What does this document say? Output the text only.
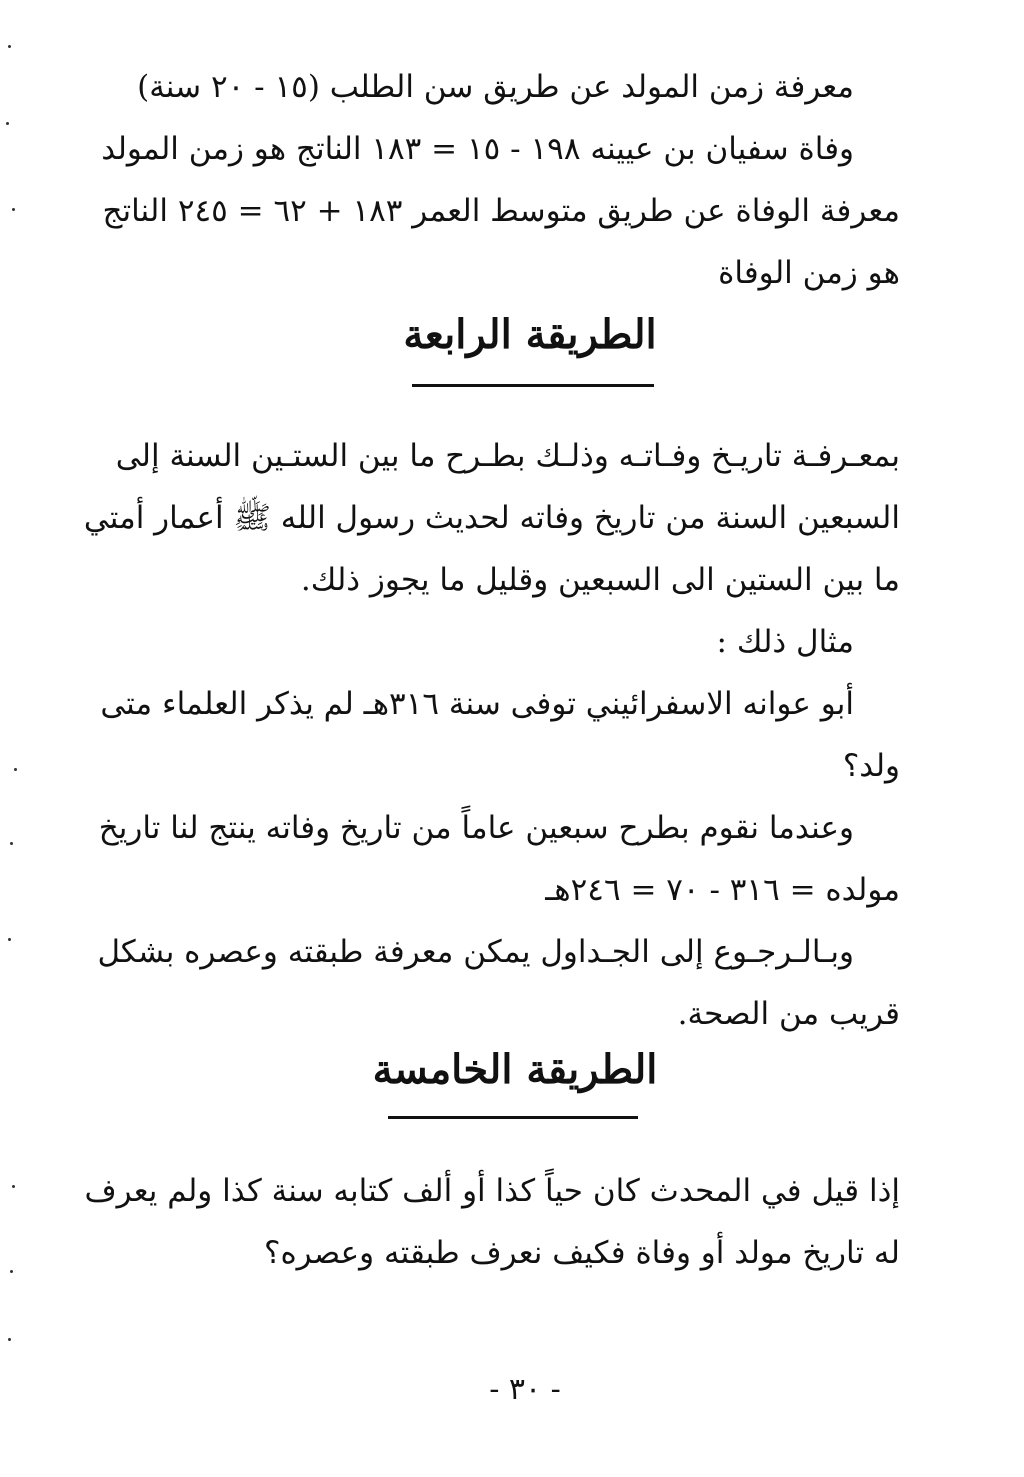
معرفة زمن المولد عن طريق سن الطلب (١٥ - ٢٠ سنة)
وفاة سفيان بن عيينه ١٩٨ - ١٥ = ١٨٣ الناتج هو زمن المولد
معرفة الوفاة عن طريق متوسط العمر ١٨٣ + ٦٢ = ٢٤٥ الناتج
هو زمن الوفاة
الطريقة الرابعة
بمعـرفـة تاريـخ وفـاتـه وذلـك بطـرح ما بين الستـين السنة إلى
السبعين السنة من تاريخ وفاته لحديث رسول الله ﷺ أعمار أمتي
ما بين الستين الى السبعين وقليل ما يجوز ذلك.
مثال ذلك :
أبو عوانه الاسفرائيني توفى سنة ٣١٦هـ لم يذكر العلماء متى
ولد؟
وعندما نقوم بطرح سبعين عاماً من تاريخ وفاته ينتج لنا تاريخ
مولده = ٣١٦ - ٧٠ = ٢٤٦هـ
وبـالـرجـوع إلى الجـداول يمكن معرفة طبقته وعصره بشكل
قريب من الصحة.
الطريقة الخامسة
إذا قيل في المحدث كان حياً كذا أو ألف كتابه سنة كذا ولم يعرف
له تاريخ مولد أو وفاة فكيف نعرف طبقته وعصره؟
- ٣٠ -
